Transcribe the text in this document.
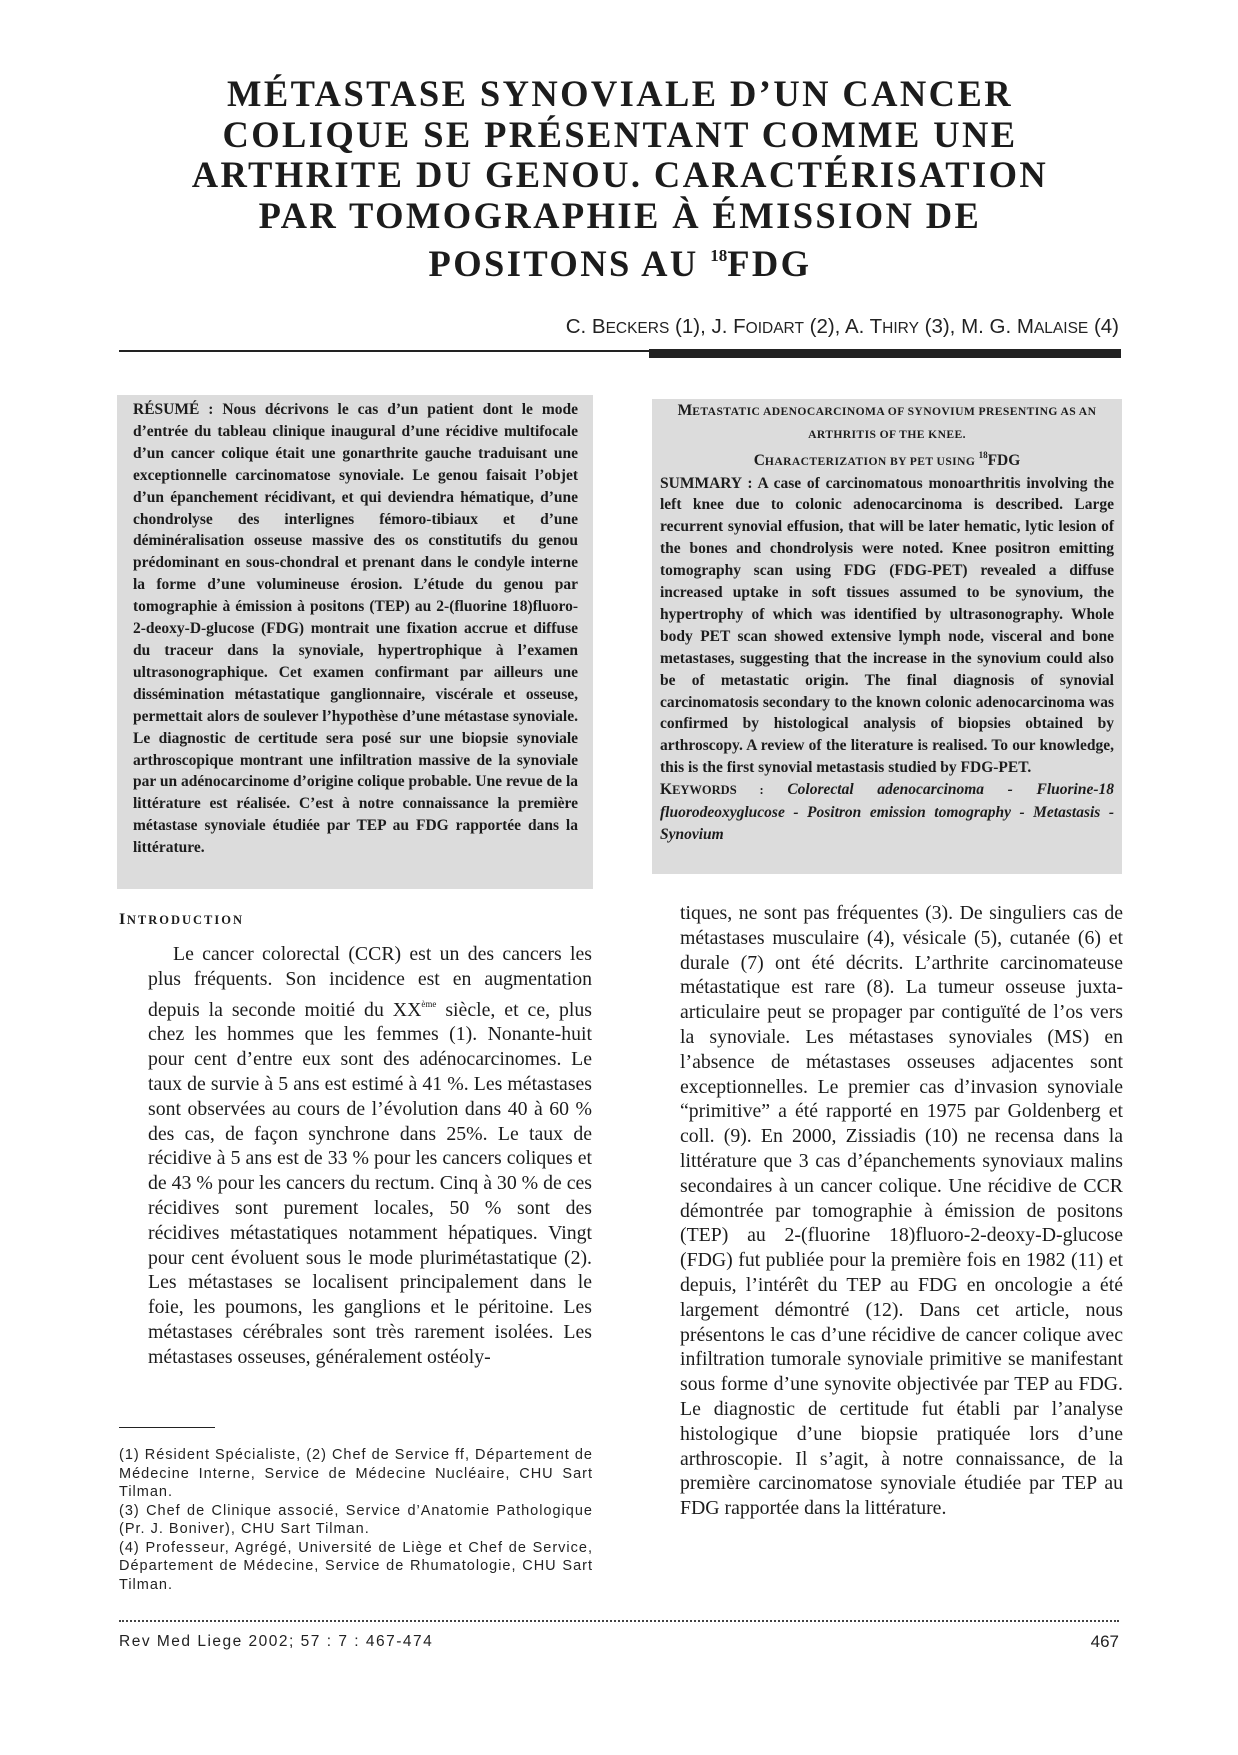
MÉTASTASE SYNOVIALE D’UN CANCER
COLIQUE SE PRÉSENTANT COMME UNE
ARTHRITE DU GENOU. CARACTÉRISATION
PAR TOMOGRAPHIE À ÉMISSION DE
POSITONS AU $^{18}$FDG
C. BECKERS (1), J. FOIDART (2), A. THIRY (3), M. G. MALAISE (4)
RÉSUMÉ : Nous décrivons le cas d’un patient dont le mode d’entrée du tableau clinique inaugural d’une récidive multifocale d’un cancer colique était une gonarthrite gauche traduisant une exceptionnelle carcinomatose synoviale. Le genou faisait l’objet d’un épanchement récidivant, et qui deviendra hématique, d’une chondrolyse des interlignes fémoro-tibiaux et d’une déminéralisation osseuse massive des os constitutifs du genou prédominant en sous-chondral et prenant dans le condyle interne la forme d’une volumineuse érosion. L’étude du genou par tomographie à émission à positons (TEP) au 2-(fluorine 18)fluoro-2-deoxy-D-glucose (FDG) montrait une fixation accrue et diffuse du traceur dans la synoviale, hypertrophique à l’examen ultrasonographique. Cet examen confirmant par ailleurs une dissémination métastatique ganglionnaire, viscérale et osseuse, permettait alors de soulever l’hypothèse d’une métastase synoviale. Le diagnostic de certitude sera posé sur une biopsie synoviale arthroscopique montrant une infiltration massive de la synoviale par un adénocarcinome d’origine colique probable. Une revue de la littérature est réalisée. C’est à notre connaissance la première métastase synoviale étudiée par TEP au FDG rapportée dans la littérature.
METASTATIC ADENOCARCINOMA OF SYNOVIUM PRESENTING AS AN ARTHRITIS OF THE KNEE.
CHARACTERIZATION BY PET USING $^{18}$FDG
SUMMARY : A case of carcinomatous monoarthritis involving the left knee due to colonic adenocarcinoma is described. Large recurrent synovial effusion, that will be later hematic, lytic lesion of the bones and chondrolysis were noted. Knee positron emitting tomography scan using FDG (FDG-PET) revealed a diffuse increased uptake in soft tissues assumed to be synovium, the hypertrophy of which was identified by ultrasonography. Whole body PET scan showed extensive lymph node, visceral and bone metastases, suggesting that the increase in the synovium could also be of metastatic origin. The final diagnosis of synovial carcinomatosis secondary to the known colonic adenocarcinoma was confirmed by histological analysis of biopsies obtained by arthroscopy. A review of the literature is realised. To our knowledge, this is the first synovial metastasis studied by FDG-PET.
KEYWORDS : Colorectal adenocarcinoma - Fluorine-18 fluorodeoxyglucose - Positron emission tomography - Metastasis - Synovium
INTRODUCTION
Le cancer colorectal (CCR) est un des cancers les plus fréquents. Son incidence est en augmentation depuis la seconde moitié du XXème siècle, et ce, plus chez les hommes que les femmes (1). Nonante-huit pour cent d’entre eux sont des adénocarcinomes. Le taux de survie à 5 ans est estimé à 41 %. Les métastases sont observées au cours de l’évolution dans 40 à 60 % des cas, de façon synchrone dans 25%. Le taux de récidive à 5 ans est de 33 % pour les cancers coliques et de 43 % pour les cancers du rectum. Cinq à 30 % de ces récidives sont purement locales, 50 % sont des récidives métastatiques notamment hépatiques. Vingt pour cent évoluent sous le mode plurimétastatique (2). Les métastases se localisent principalement dans le foie, les poumons, les ganglions et le péritoine. Les métastases cérébrales sont très rarement isolées. Les métastases osseuses, généralement ostéoly-
tiques, ne sont pas fréquentes (3). De singuliers cas de métastases musculaire (4), vésicale (5), cutanée (6) et durale (7) ont été décrits. L’arthrite carcinomateuse métastatique est rare (8). La tumeur osseuse juxta-articulaire peut se propager par contiguïté de l’os vers la synoviale. Les métastases synoviales (MS) en l’absence de métastases osseuses adjacentes sont exceptionnelles. Le premier cas d’invasion synoviale “primitive” a été rapporté en 1975 par Goldenberg et coll. (9). En 2000, Zissiadis (10) ne recensa dans la littérature que 3 cas d’épanchements synoviaux malins secondaires à un cancer colique. Une récidive de CCR démontrée par tomographie à émission de positons (TEP) au 2-(fluorine 18)fluoro-2-deoxy-D-glucose (FDG) fut publiée pour la première fois en 1982 (11) et depuis, l’intérêt du TEP au FDG en oncologie a été largement démontré (12). Dans cet article, nous présentons le cas d’une récidive de cancer colique avec infiltration tumorale synoviale primitive se manifestant sous forme d’une synovite objectivée par TEP au FDG. Le diagnostic de certitude fut établi par l’analyse histologique d’une biopsie pratiquée lors d’une arthroscopie. Il s’agit, à notre connaissance, de la première carcinomatose synoviale étudiée par TEP au FDG rapportée dans la littérature.

(1) Résident Spécialiste, (2) Chef de Service ff, Département de Médecine Interne, Service de Médecine Nucléaire, CHU Sart Tilman.

(3) Chef de Clinique associé, Service d’Anatomie Pathologique (Pr. J. Boniver), CHU Sart Tilman.

(4) Professeur, Agrégé, Université de Liège et Chef de Service, Département de Médecine, Service de Rhumatologie, CHU Sart Tilman.

Rev Med Liege 2002; 57 : 7 : 467-474	467
